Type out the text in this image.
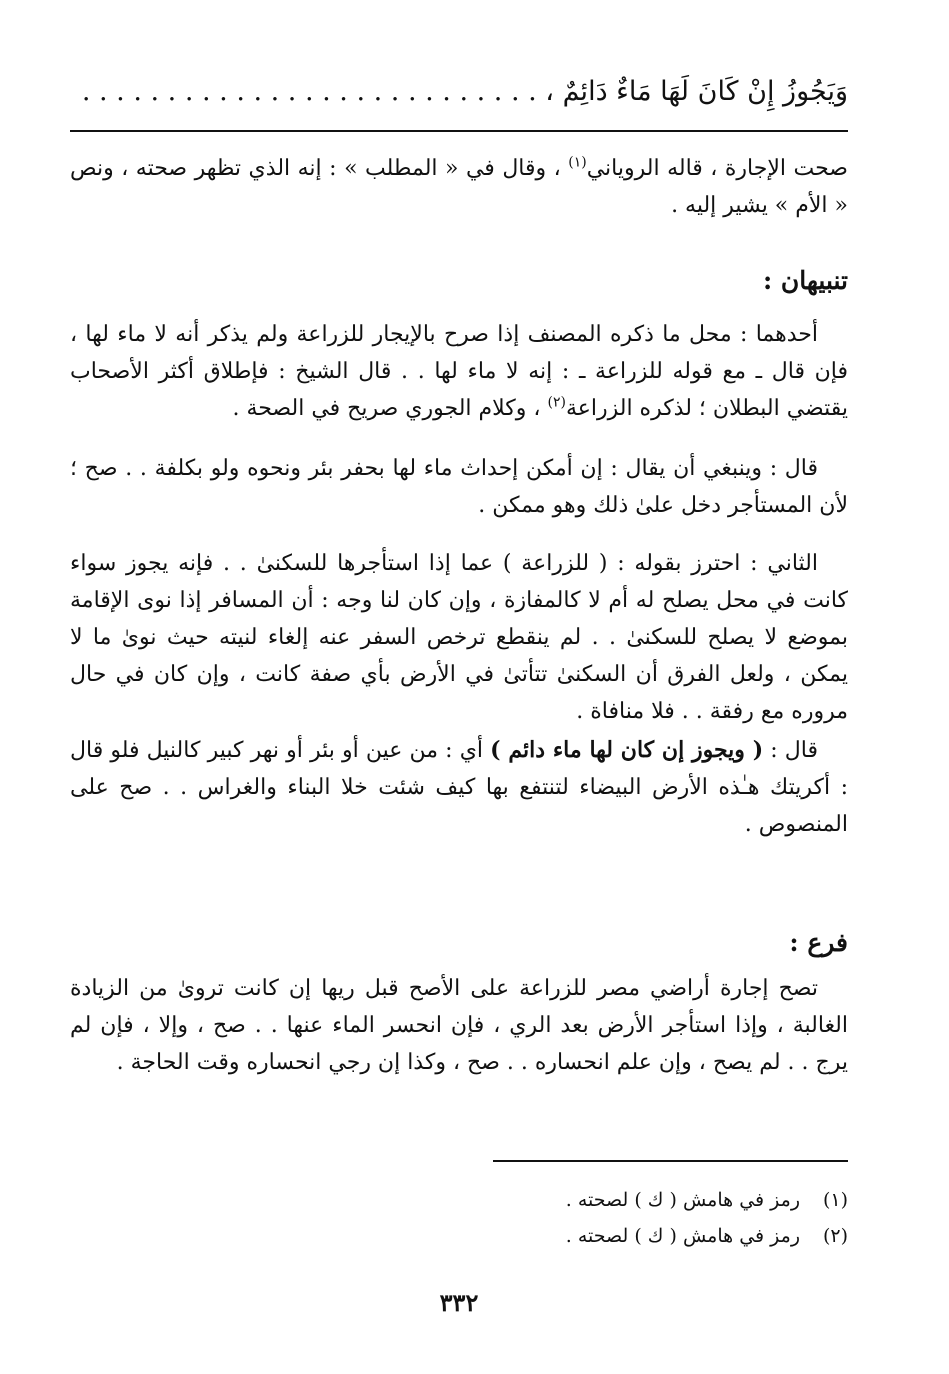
وَيَجُوزُ إِنْ كَانَ لَهَا مَاءٌ دَائِمٌ ، . . . . . . . . . . . . . . . . . . . . . . . . . . .

صحت الإجارة ، قاله الروياني$^{(١)}$ ، وقال في « المطلب » : إنه الذي تظهر صحته ، ونص « الأم » يشير إليه .

تنبيهان :

أحدهما : محل ما ذكره المصنف إذا صرح بالإيجار للزراعة ولم يذكر أنه لا ماء لها ، فإن قال ـ مع قوله للزراعة ـ : إنه لا ماء لها . . قال الشيخ : فإطلاق أكثر الأصحاب يقتضي البطلان ؛ لذكره الزراعة$^{(٢)}$ ، وكلام الجوري صريح في الصحة .

قال : وينبغي أن يقال : إن أمكن إحداث ماء لها بحفر بئر ونحوه ولو بكلفة . . صح ؛ لأن المستأجر دخل علىٰ ذلك وهو ممكن .

الثاني : احترز بقوله : ( للزراعة ) عما إذا استأجرها للسكنىٰ . . فإنه يجوز سواء كانت في محل يصلح له أم لا كالمفازة ، وإن كان لنا وجه : أن المسافر إذا نوى الإقامة بموضع لا يصلح للسكنىٰ . . لم ينقطع ترخص السفر عنه إلغاء لنيته حيث نوىٰ ما لا يمكن ، ولعل الفرق أن السكنىٰ تتأتىٰ في الأرض بأي صفة كانت ، وإن كان في حال مروره مع رفقة . . فلا منافاة .

قال : ( ويجوز إن كان لها ماء دائم ) أي : من عين أو بئر أو نهر كبير كالنيل فلو قال : أكريتك هـٰذه الأرض البيضاء لتنتفع بها كيف شئت خلا البناء والغراس . . صح على المنصوص .

فرع :

تصح إجارة أراضي مصر للزراعة على الأصح قبل ريها إن كانت تروىٰ من الزيادة الغالبة ، وإذا استأجر الأرض بعد الري ، فإن انحسر الماء عنها . . صح ، وإلا ، فإن لم يرج . . لم يصح ، وإن علم انحساره . . صح ، وكذا إن رجي انحساره وقت الحاجة .

(١)
رمز في هامش ( ك ) لصحته .
(٢)
رمز في هامش ( ك ) لصحته .
٣٣٢
